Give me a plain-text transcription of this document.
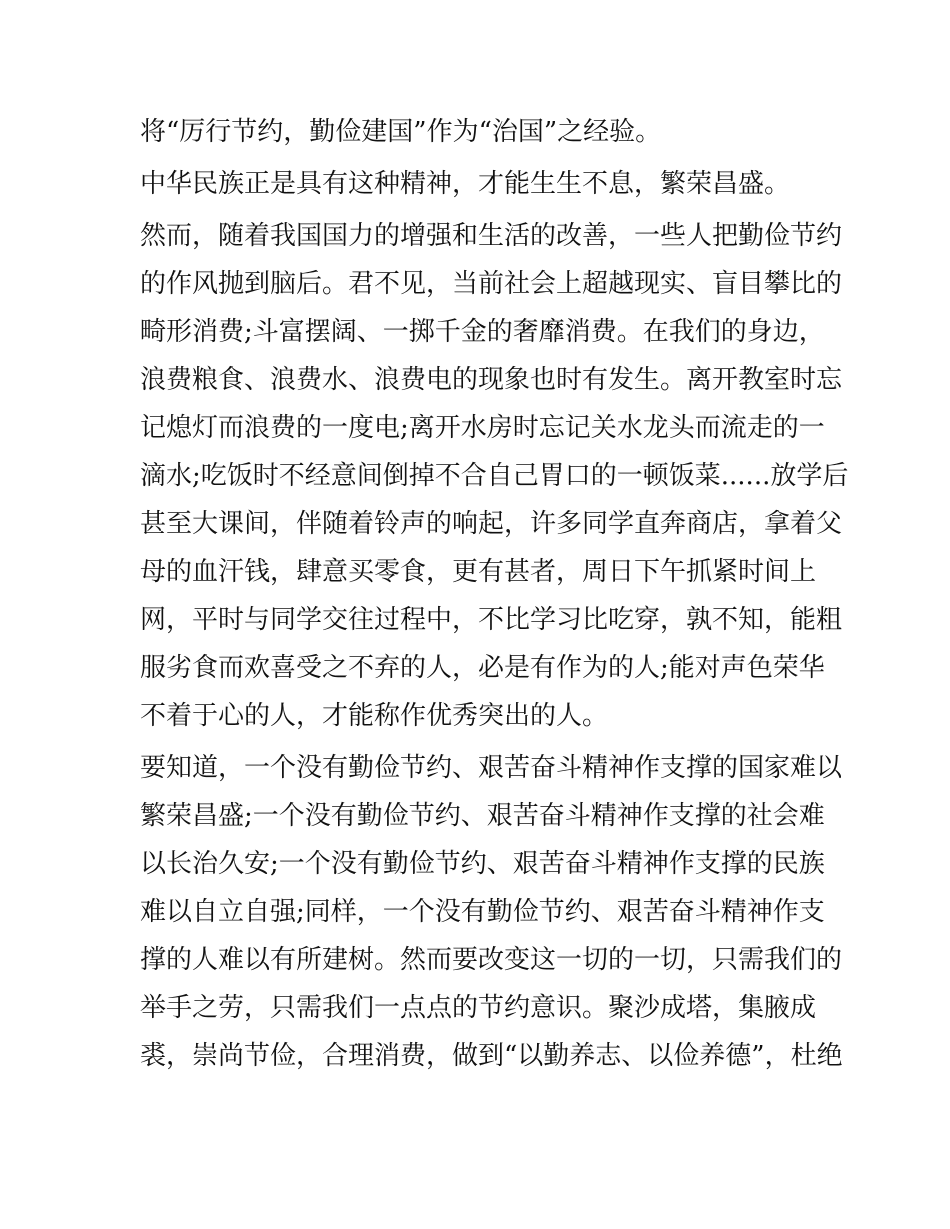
将“厉行节约，勤俭建国”作为“治国”之经验。

中华民族正是具有这种精神，才能生生不息，繁荣昌盛。

然而，随着我国国力的增强和生活的改善，一些人把勤俭节约
的作风抛到脑后。君不见，当前社会上超越现实、盲目攀比的
畸形消费;斗富摆阔、一掷千金的奢靡消费。在我们的身边，
浪费粮食、浪费水、浪费电的现象也时有发生。离开教室时忘
记熄灯而浪费的一度电;离开水房时忘记关水龙头而流走的一
滴水;吃饭时不经意间倒掉不合自己胃口的一顿饭菜......放学后
甚至大课间，伴随着铃声的响起，许多同学直奔商店，拿着父
母的血汗钱，肆意买零食，更有甚者，周日下午抓紧时间上
网，平时与同学交往过程中，不比学习比吃穿，孰不知，能粗
服劣食而欢喜受之不弃的人，必是有作为的人;能对声色荣华
不着于心的人，才能称作优秀突出的人。

要知道，一个没有勤俭节约、艰苦奋斗精神作支撑的国家难以
繁荣昌盛;一个没有勤俭节约、艰苦奋斗精神作支撑的社会难
以长治久安;一个没有勤俭节约、艰苦奋斗精神作支撑的民族
难以自立自强;同样，一个没有勤俭节约、艰苦奋斗精神作支
撑的人难以有所建树。然而要改变这一切的一切，只需我们的
举手之劳，只需我们一点点的节约意识。聚沙成塔，集腋成
裘，崇尚节俭，合理消费，做到“以勤养志、以俭养德”，杜绝
